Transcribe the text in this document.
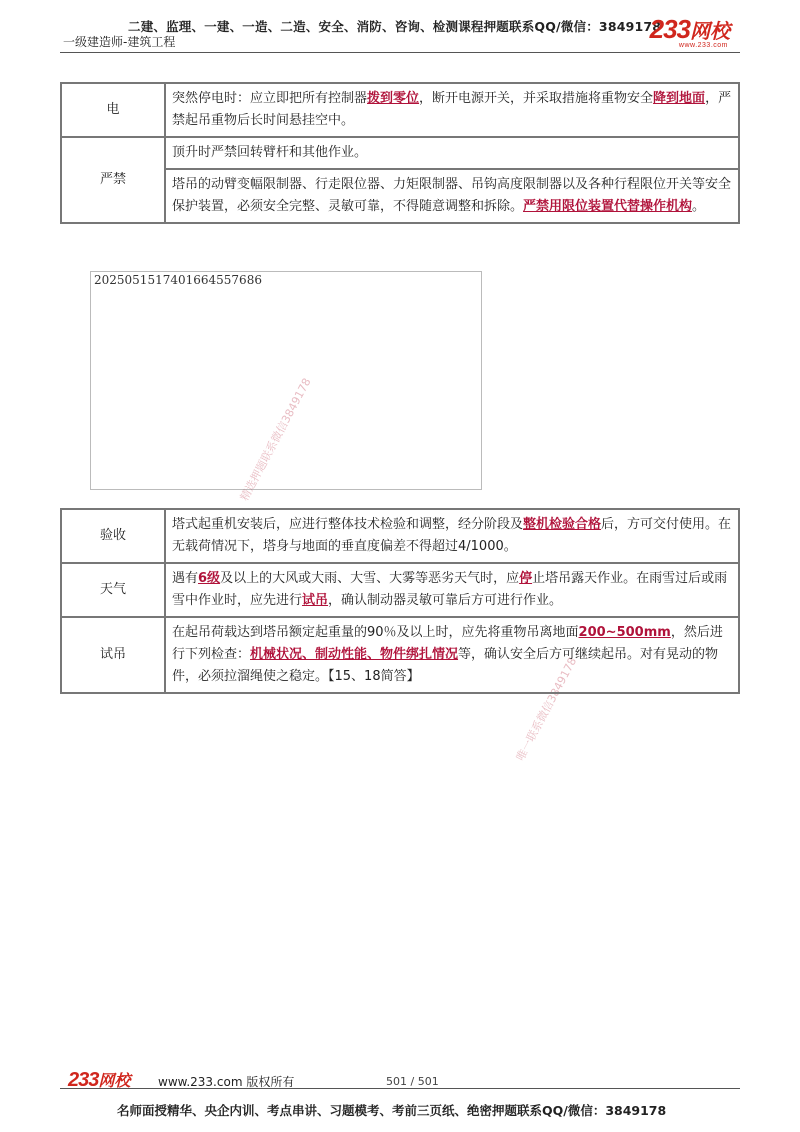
二建、监理、一建、一造、二造、安全、消防、咨询、检测课程押题联系QQ/微信：3849178
一级建造师-建筑工程	233网校
www.233.com
电	突然停电时：应立即把所有控制器拨到零位，断开电源开关，并采取措施将重物安全降到地面，严禁起吊重物后长时间悬挂空中。
严禁	顶升时严禁回转臂杆和其他作业。
	塔吊的动臂变幅限制器、行走限位器、力矩限制器、吊钩高度限制器以及各种行程限位开关等安全保护装置，必须安全完整、灵敏可靠，不得随意调整和拆除。严禁用限位装置代替操作机构。
2025051517401664557686
精选押题联系微信3849178
唯一联系微信3849178
验收	塔式起重机安装后，应进行整体技术检验和调整，经分阶段及整机检验合格后，方可交付使用。在无载荷情况下，塔身与地面的垂直度偏差不得超过4/1000。
天气	遇有6级及以上的大风或大雨、大雪、大雾等恶劣天气时，应停止塔吊露天作业。在雨雪过后或雨雪中作业时，应先进行试吊，确认制动器灵敏可靠后方可进行作业。
试吊	在起吊荷载达到塔吊额定起重量的90％及以上时，应先将重物吊离地面200~500mm，然后进行下列检查：机械状况、制动性能、物件绑扎情况等，确认安全后方可继续起吊。对有晃动的物件，必须拉溜绳使之稳定。【15、18简答】
233网校 www.233.com 版权所有	501 / 501
名师面授精华、央企内训、考点串讲、习题模考、考前三页纸、绝密押题联系QQ/微信：3849178
